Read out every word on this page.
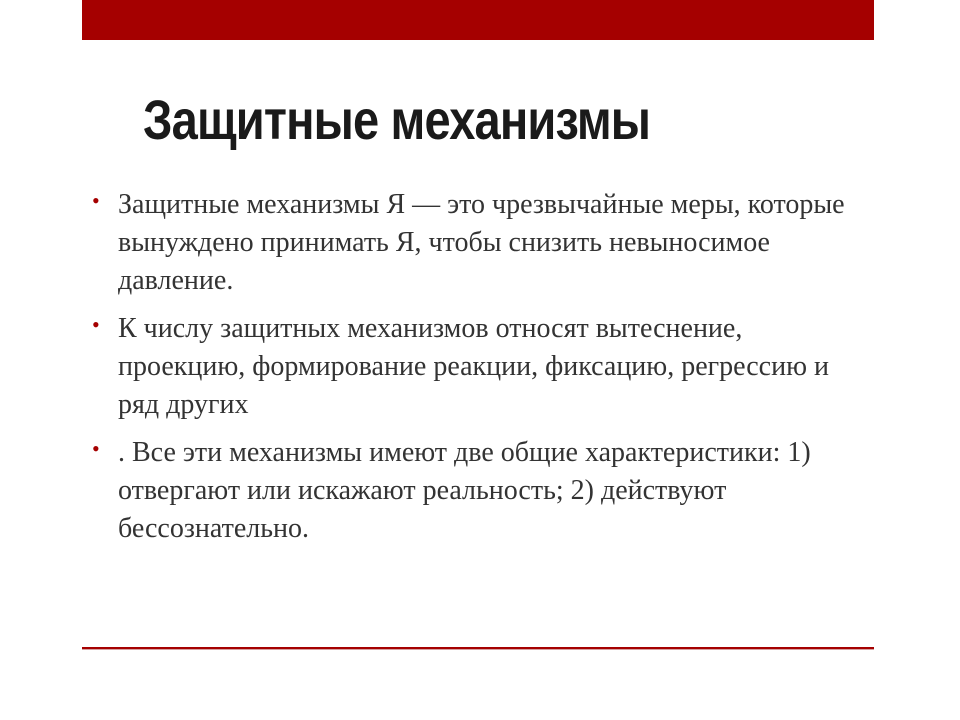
Защитные механизмы
• Защитные механизмы Я — это чрезвычайные меры, которые вынуждено принимать Я, чтобы снизить невыносимое давление.
• К числу защитных механизмов относят вытеснение, проекцию, формирование реакции, фиксацию, регрессию и ряд других
• . Все эти механизмы имеют две общие характеристики: 1) отвергают или искажают реальность; 2) действуют бессознательно.
